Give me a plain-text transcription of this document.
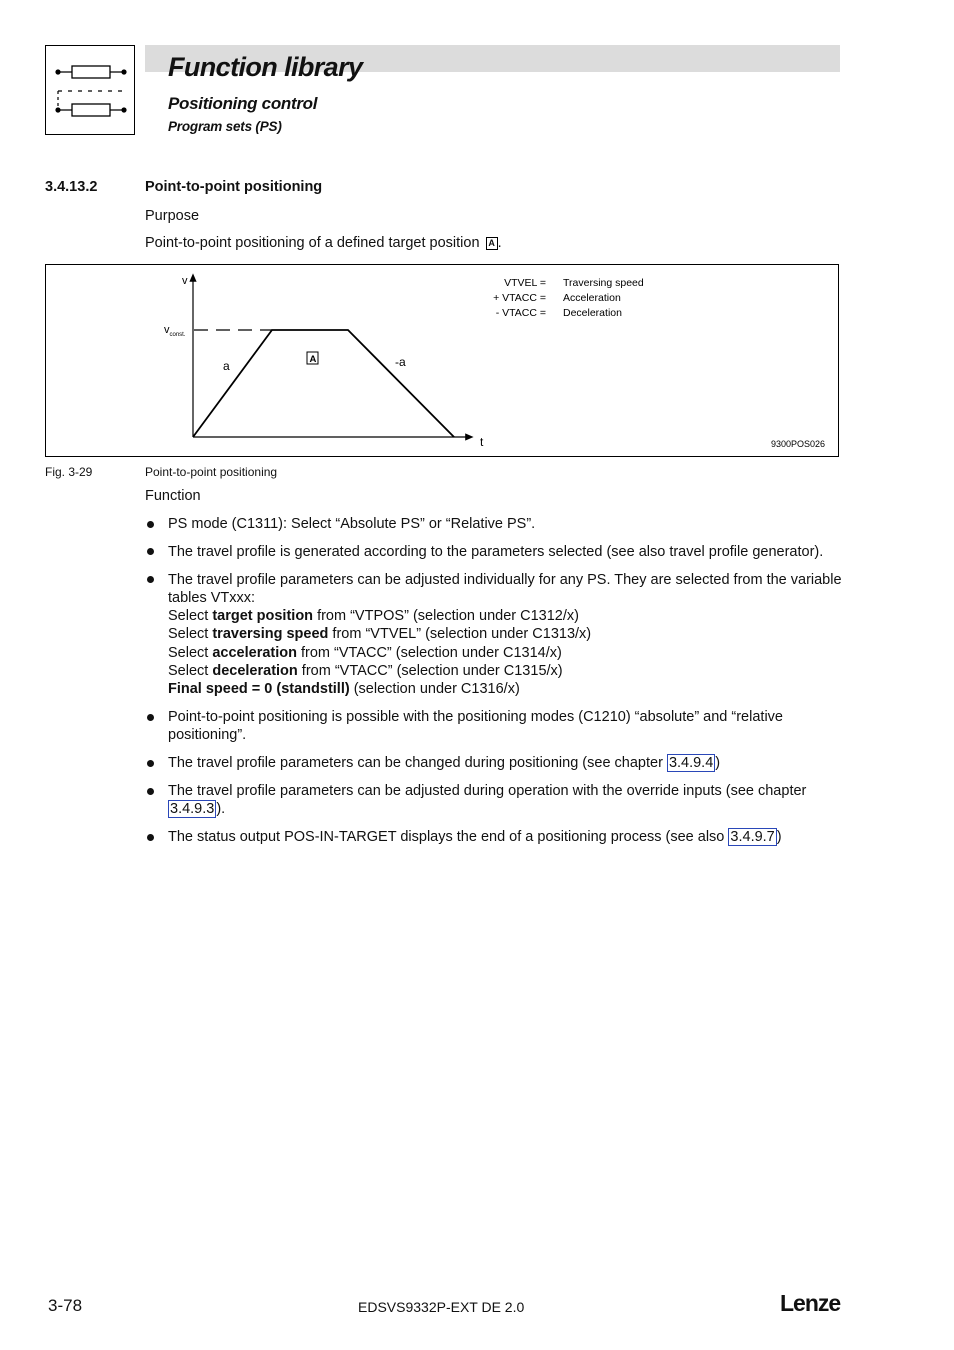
Function library
Positioning control
Program sets (PS)
3.4.13.2	Point-to-point positioning
Purpose
Point-to-point positioning of a defined target position A .
v
$v_{const.}$
t
a	-a
A
VTVEL = Traversing speed
+ VTACC = Acceleration
- VTACC = Deceleration
9300POS026
Fig. 3-29	Point-to-point positioning
Function
PS mode (C1311): Select “Absolute PS” or “Relative PS”.
The travel profile is generated according to the parameters selected (see also travel profile generator).
The travel profile parameters can be adjusted individually for any PS. They are selected from the variable tables VTxxx:
Select target position from “VTPOS” (selection under C1312/x)
Select traversing speed from “VTVEL” (selection under C1313/x)
Select acceleration from “VTACC” (selection under C1314/x)
Select deceleration from “VTACC” (selection under C1315/x)
Final speed = 0 (standstill) (selection under C1316/x)
Point-to-point positioning is possible with the positioning modes (C1210) “absolute” and “relative positioning”.
The travel profile parameters can be changed during positioning (see chapter 3.4.9.4 )
The travel profile parameters can be adjusted during operation with the override inputs (see chapter 3.4.9.3 ).
The status output POS-IN-TARGET displays the end of a positioning process (see also 3.4.9.7 )
3-78	EDSVS9332P-EXT DE 2.0	Lenze
